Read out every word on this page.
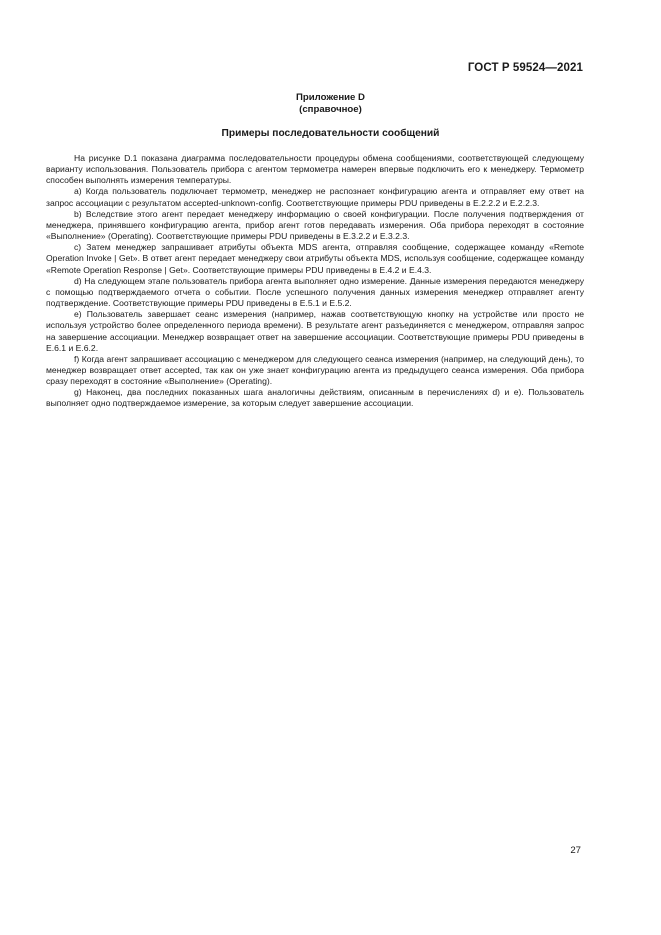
ГОСТ Р 59524—2021
Приложение D
(справочное)
Примеры последовательности сообщений

На рисунке D.1 показана диаграмма последовательности процедуры обмена сообщениями, соответствующей следующему варианту использования. Пользователь прибора с агентом термометра намерен впервые подключить его к менеджеру. Термометр способен выполнять измерения температуры.

a) Когда пользователь подключает термометр, менеджер не распознает конфигурацию агента и отправляет ему ответ на запрос ассоциации с результатом accepted-unknown-config. Соответствующие примеры PDU приведены в E.2.2.2 и E.2.2.3.

b) Вследствие этого агент передает менеджеру информацию о своей конфигурации. После получения подтверждения от менеджера, принявшего конфигурацию агента, прибор агент готов передавать измерения. Оба прибора переходят в состояние «Выполнение» (Operating). Соответствующие примеры PDU приведены в E.3.2.2 и E.3.2.3.

c) Затем менеджер запрашивает атрибуты объекта MDS агента, отправляя сообщение, содержащее команду «Remote Operation Invoke | Get». В ответ агент передает менеджеру свои атрибуты объекта MDS, используя сообщение, содержащее команду «Remote Operation Response | Get». Соответствующие примеры PDU приведены в E.4.2 и E.4.3.

d) На следующем этапе пользователь прибора агента выполняет одно измерение. Данные измерения передаются менеджеру с помощью подтверждаемого отчета о событии. После успешного получения данных измерения менеджер отправляет агенту подтверждение. Соответствующие примеры PDU приведены в E.5.1 и E.5.2.

e) Пользователь завершает сеанс измерения (например, нажав соответствующую кнопку на устройстве или просто не используя устройство более определенного периода времени). В результате агент разъединяется с менеджером, отправляя запрос на завершение ассоциации. Менеджер возвращает ответ на завершение ассоциации. Соответствующие примеры PDU приведены в E.6.1 и E.6.2.

f) Когда агент запрашивает ассоциацию с менеджером для следующего сеанса измерения (например, на следующий день), то менеджер возвращает ответ accepted, так как он уже знает конфигурацию агента из предыдущего сеанса измерения. Оба прибора сразу переходят в состояние «Выполнение» (Operating).

g) Наконец, два последних показанных шага аналогичны действиям, описанным в перечислениях d) и e). Пользователь выполняет одно подтверждаемое измерение, за которым следует завершение ассоциации.

27
